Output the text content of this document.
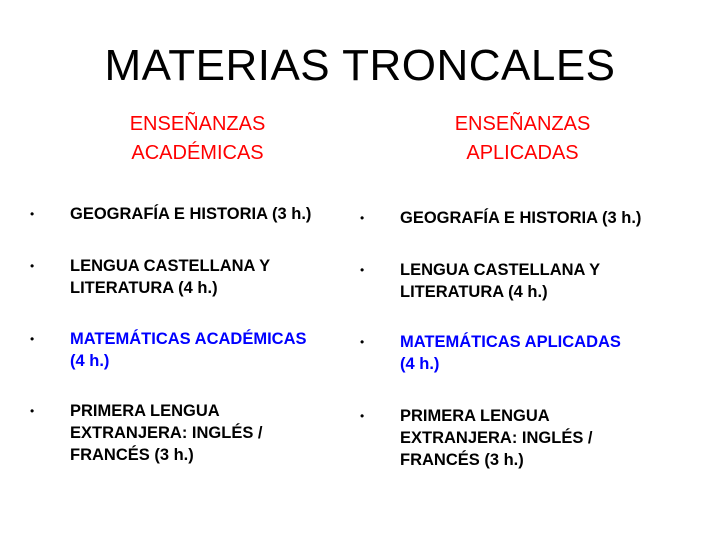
MATERIAS TRONCALES
ENSEÑANZAS
ACADÉMICAS
ENSEÑANZAS
APLICADAS
•	GEOGRAFÍA E HISTORIA (3 h.)
•	LENGUA CASTELLANA Y
LITERATURA (4 h.)
•	MATEMÁTICAS ACADÉMICAS
(4 h.)
•	PRIMERA LENGUA
EXTRANJERA: INGLÉS /
FRANCÉS (3 h.)
•	GEOGRAFÍA E HISTORIA (3 h.)
•	LENGUA CASTELLANA Y
LITERATURA (4 h.)
•	MATEMÁTICAS APLICADAS
(4 h.)
•	PRIMERA LENGUA
EXTRANJERA: INGLÉS /
FRANCÉS (3 h.)
